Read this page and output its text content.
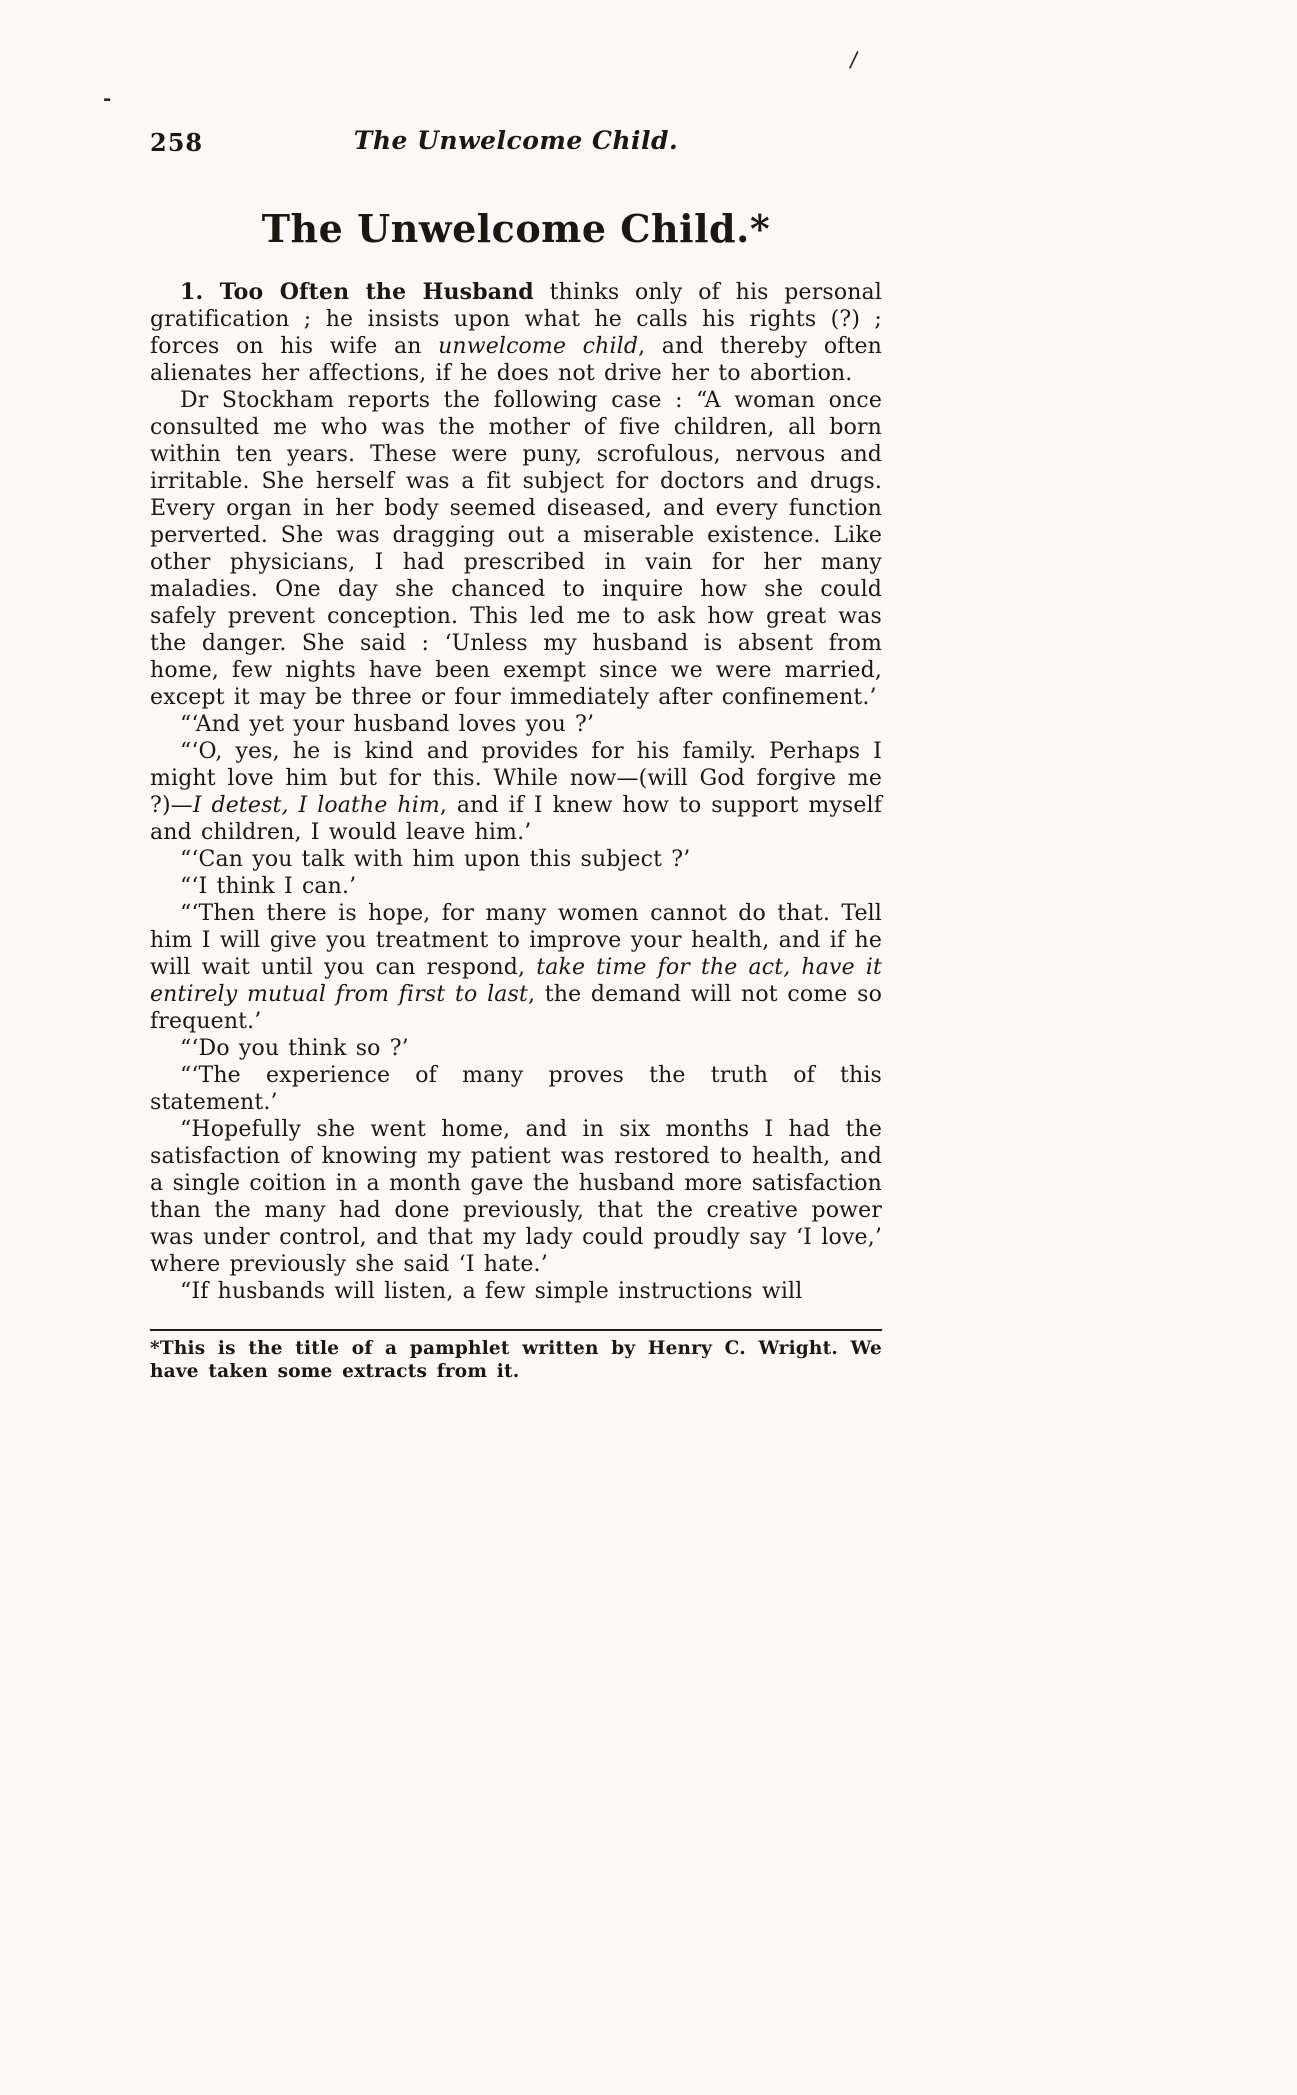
/
-
258	The Unwelcome Child.
The Unwelcome Child.*

1. Too Often the Husband thinks only of his personal gratification ; he insists upon what he calls his rights (?) ; forces on his wife an unwelcome child, and thereby often alienates her affections, if he does not drive her to abortion.

Dr Stockham reports the following case : “A woman once consulted me who was the mother of five children, all born within ten years. These were puny, scrofulous, nervous and irritable. She herself was a fit subject for doctors and drugs. Every organ in her body seemed diseased, and every function perverted. She was dragging out a miserable existence. Like other physicians, I had prescribed in vain for her many maladies. One day she chanced to inquire how she could safely prevent conception. This led me to ask how great was the danger. She said : ‘Unless my husband is absent from home, few nights have been exempt since we were married, except it may be three or four immediately after confinement.’

“‘And yet your husband loves you ?’

“‘O, yes, he is kind and provides for his family. Perhaps I might love him but for this. While now—(will God forgive me ?)—I detest, I loathe him, and if I knew how to support myself and children, I would leave him.’

“‘Can you talk with him upon this subject ?’

“‘I think I can.’

“‘Then there is hope, for many women cannot do that. Tell him I will give you treatment to improve your health, and if he will wait until you can respond, take time for the act, have it entirely mutual from first to last, the demand will not come so frequent.’

“‘Do you think so ?’

“‘The experience of many proves the truth of this statement.’

“Hopefully she went home, and in six months I had the satisfaction of knowing my patient was restored to health, and a single coition in a month gave the husband more satisfaction than the many had done previously, that the creative power was under control, and that my lady could proudly say ‘I love,’ where previously she said ‘I hate.’

“If husbands will listen, a few simple instructions will

*This is the title of a pamphlet written by Henry C. Wright. We have taken some extracts from it.
